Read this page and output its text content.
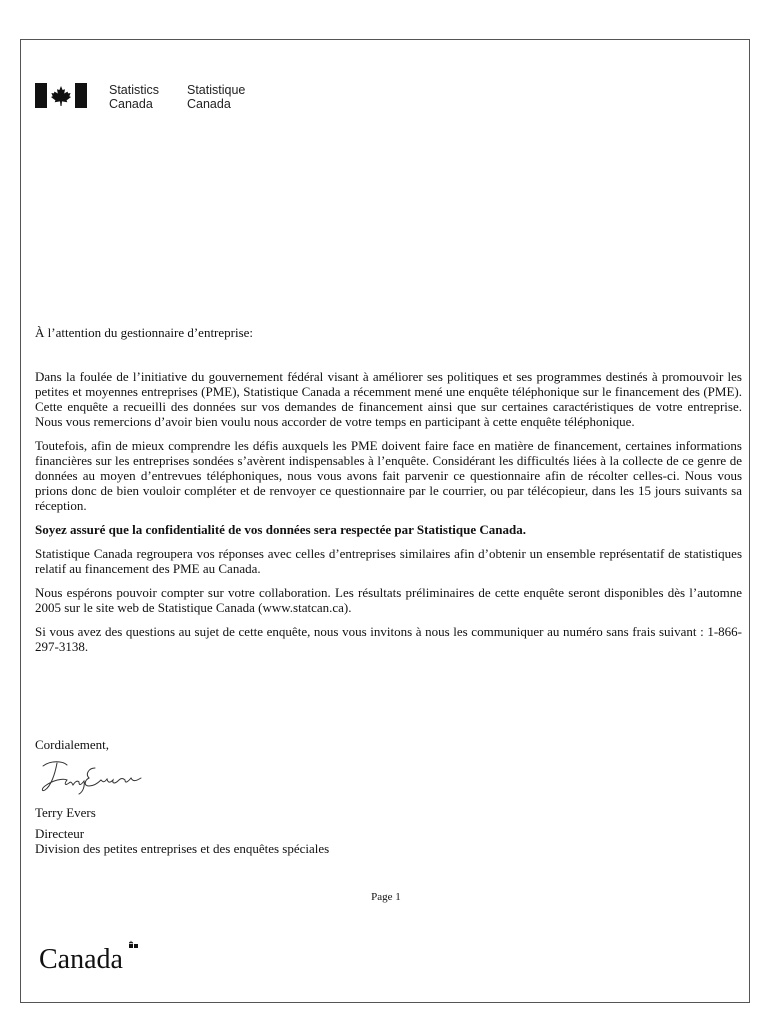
Statistics
Canada
Statistique
Canada
À l’attention du gestionnaire d’entreprise:

Dans la foulée de l’initiative du gouvernement fédéral visant à améliorer ses politiques et ses programmes destinés à promouvoir les petites et moyennes entreprises (PME), Statistique Canada a récemment mené une enquête téléphonique sur le financement des (PME). Cette enquête a recueilli des données sur vos demandes de financement ainsi que sur certaines caractéristiques de votre entreprise. Nous vous remercions d’avoir bien voulu nous accorder de votre temps en participant à cette enquête téléphonique.

Toutefois, afin de mieux comprendre les défis auxquels les PME doivent faire face en matière de financement, certaines informations financières sur les entreprises sondées s’avèrent indispensables à l’enquête. Considérant les difficultés liées à la collecte de ce genre de données au moyen d’entrevues téléphoniques, nous vous avons fait parvenir ce questionnaire afin de récolter celles-ci. Nous vous prions donc de bien vouloir compléter et de renvoyer ce questionnaire par le courrier, ou par télécopieur, dans les 15 jours suivants sa réception.

Soyez assuré que la confidentialité de vos données sera respectée par Statistique Canada.

Statistique Canada regroupera vos réponses avec celles d’entreprises similaires afin d’obtenir un ensemble représentatif de statistiques relatif au financement des PME au Canada.

Nous espérons pouvoir compter sur votre collaboration. Les résultats préliminaires de cette enquête seront disponibles dès l’automne 2005 sur le site web de Statistique Canada (www.statcan.ca).

Si vous avez des questions au sujet de cette enquête, nous vous invitons à nous les communiquer au numéro sans frais suivant : 1-866-297-3138.

Cordialement,
Terry Evers
Directeur
Division des petites entreprises et des enquêtes spéciales
Page 1
Canada
